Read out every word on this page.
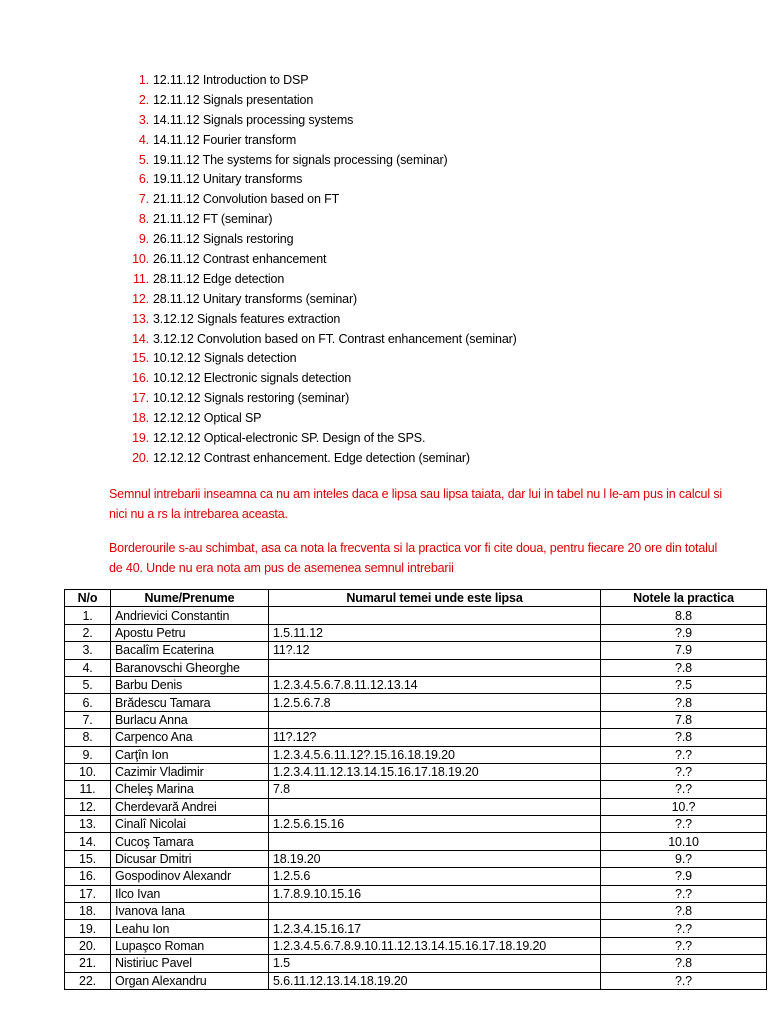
1. 12.11.12 Introduction to DSP
2. 12.11.12 Signals presentation
3. 14.11.12 Signals processing systems
4. 14.11.12 Fourier transform
5. 19.11.12 The systems for signals processing (seminar)
6. 19.11.12 Unitary transforms
7. 21.11.12 Convolution based on FT
8. 21.11.12 FT (seminar)
9. 26.11.12 Signals restoring
10. 26.11.12 Contrast enhancement
11. 28.11.12 Edge detection
12. 28.11.12 Unitary transforms (seminar)
13. 3.12.12 Signals features extraction
14. 3.12.12 Convolution based on FT. Contrast enhancement (seminar)
15. 10.12.12 Signals detection
16. 10.12.12 Electronic signals detection
17. 10.12.12 Signals restoring (seminar)
18. 12.12.12 Optical SP
19. 12.12.12 Optical-electronic SP. Design of the SPS.
20. 12.12.12 Contrast enhancement. Edge detection (seminar)

Semnul intrebarii inseamna ca nu am inteles daca e lipsa sau lipsa taiata, dar lui in tabel nu l le-am pus in calcul si nici nu a rs la intrebarea aceasta.

Borderourile s-au schimbat, asa ca nota la frecventa si la practica vor fi cite doua, pentru fiecare 20 ore din totalul de 40. Unde nu era nota am pus de asemenea semnul intrebarii

N/o	Nume/Prenume	Numarul temei unde este lipsa	Notele la practica
1.	Andrievici Constantin		8.8
2.	Apostu Petru	1.5.11.12	?.9
3.	Bacalîm Ecaterina	11?.12	7.9
4.	Baranovschi Gheorghe		?.8
5.	Barbu Denis	1.2.3.4.5.6.7.8.11.12.13.14	?.5
6.	Brădescu Tamara	1.2.5.6.7.8	?.8
7.	Burlacu Anna		7.8
8.	Carpenco Ana	11?.12?	?.8
9.	Carţîn Ion	1.2.3.4.5.6.11.12?.15.16.18.19.20	?.?
10.	Cazimir Vladimir	1.2.3.4.11.12.13.14.15.16.17.18.19.20	?.?
11.	Cheleş Marina	7.8	?.?
12.	Cherdevară Andrei		10.?
13.	Cinalî Nicolai	1.2.5.6.15.16	?.?
14.	Cucoş Tamara		10.10
15.	Dicusar Dmitri	18.19.20	9.?
16.	Gospodinov Alexandr	1.2.5.6	?.9
17.	Ilco Ivan	1.7.8.9.10.15.16	?.?
18.	Ivanova Iana		?.8
19.	Leahu Ion	1.2.3.4.15.16.17	?.?
20.	Lupaşco Roman	1.2.3.4.5.6.7.8.9.10.11.12.13.14.15.16.17.18.19.20	?.?
21.	Nistiriuc Pavel	1.5	?.8
22.	Organ Alexandru	5.6.11.12.13.14.18.19.20	?.?
